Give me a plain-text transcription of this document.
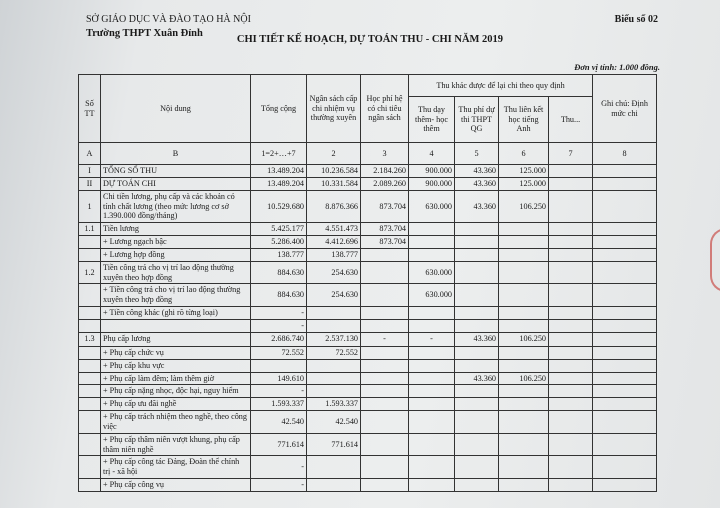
SỞ GIÁO DỤC VÀ ĐÀO TẠO HÀ NỘI
Trường THPT Xuân Đỉnh
Biểu số 02
CHI TIẾT KẾ HOẠCH, DỰ TOÁN THU - CHI NĂM 2019
Đơn vị tính: 1.000 đồng.
Số TT	Nội dung	Tổng cộng	Ngân sách cấp chi nhiệm vụ thường xuyên	Học phí hệ có chi tiêu ngân sách	Thu khác được để lại chi theo quy định				Ghi chú: Định mức chi
					Thu dạy thêm- học thêm	Thu phí dự thi THPT QG	Thu liên kết học tiếng Anh	Thu...	
A	B	1=2+…+7	2	3	4	5	6	7	8
I	TỔNG SỐ THU	13.489.204	10.236.584	2.184.260	900.000	43.360	125.000		
II	DỰ TOÁN CHI	13.489.204	10.331.584	2.089.260	900.000	43.360	125.000		
1	Chi tiền lương, phụ cấp và các khoản có tính chất lương (theo mức lương cơ sở 1.390.000 đồng/tháng)	10.529.680	8.876.366	873.704	630.000	43.360	106.250		
1.1	Tiền lương	5.425.177	4.551.473	873.704					
	+ Lương ngạch bậc	5.286.400	4.412.696	873.704					
	+ Lương hợp đồng	138.777	138.777						
1.2	Tiền công trả cho vị trí lao động thường xuyên theo hợp đồng	884.630	254.630		630.000				
	+ Tiền công trả cho vị trí lao động thường xuyên theo hợp đồng	884.630	254.630		630.000				
	+ Tiền công khác (ghi rõ từng loại)	-							
		-							
1.3	Phụ cấp lương	2.686.740	2.537.130	-	-	43.360	106.250		
	+ Phụ cấp chức vụ	72.552	72.552						
	+ Phụ cấp khu vực								
	+ Phụ cấp làm đêm; làm thêm giờ	149.610				43.360	106.250		
	+ Phụ cấp nặng nhọc, độc hại, nguy hiểm	-							
	+ Phụ cấp ưu đãi nghề	1.593.337	1.593.337						
	+ Phụ cấp trách nhiệm theo nghề, theo công việc	42.540	42.540						
	+ Phụ cấp thâm niên vượt khung, phụ cấp thâm niên nghề	771.614	771.614						
	+ Phụ cấp công tác Đảng, Đoàn thể chính trị - xã hội	-							
	+ Phụ cấp công vụ	-							
